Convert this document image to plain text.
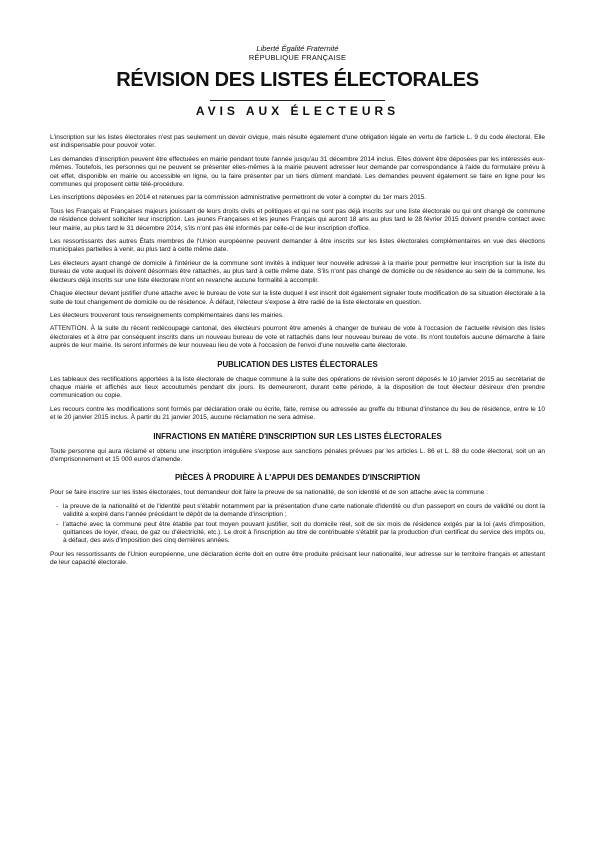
Liberté Égalité Fraternité
RÉPUBLIQUE FRANÇAISE
RÉVISION DES LISTES ÉLECTORALES
AVIS AUX ÉLECTEURS

L'inscription sur les listes électorales n'est pas seulement un devoir civique, mais résulte également d'une obligation légale en vertu de l'article L. 9 du code électoral. Elle est indispensable pour pouvoir voter.

Les demandes d'inscription peuvent être effectuées en mairie pendant toute l'année jusqu'au 31 décembre 2014 inclus. Elles doivent être déposées par les intéressés eux-mêmes. Toutefois, les personnes qui ne peuvent se présenter elles-mêmes à la mairie peuvent adresser leur demande par correspondance à l'aide du formulaire prévu à cet effet, disponible en mairie ou accessible en ligne, ou la faire présenter par un tiers dûment mandaté. Les demandes peuvent également se faire en ligne pour les communes qui proposent cette télé-procédure.

Les inscriptions déposées en 2014 et retenues par la commission administrative permettront de voter à compter du 1er mars 2015.

Tous les Français et Françaises majeurs jouissant de leurs droits civils et politiques et qui ne sont pas déjà inscrits sur une liste électorale ou qui ont changé de commune de résidence doivent solliciter leur inscription. Les jeunes Françaises et les jeunes Français qui auront 18 ans au plus tard le 28 février 2015 doivent prendre contact avec leur mairie, au plus tard le 31 décembre 2014, s'ils n'ont pas été informés par celle-ci de leur inscription d'office.

Les ressortissants des autres États membres de l'Union européenne peuvent demander à être inscrits sur les listes électorales complémentaires en vue des élections municipales partielles à venir, au plus tard à cette même date.

Les électeurs ayant changé de domicile à l'intérieur de la commune sont invités à indiquer leur nouvelle adresse à la mairie pour permettre leur inscription sur la liste du bureau de vote auquel ils doivent désormais être rattachés, au plus tard à cette même date. S'ils n'ont pas changé de domicile ou de résidence au sein de la commune, les électeurs déjà inscrits sur une liste électorale n'ont en revanche aucune formalité à accomplir.

Chaque électeur devant justifier d'une attache avec le bureau de vote sur la liste duquel il est inscrit doit également signaler toute modification de sa situation électorale à la suite de tout changement de domicile ou de résidence. À défaut, l'électeur s'expose à être radié de la liste électorale en question.

Les électeurs trouveront tous renseignements complémentaires dans les mairies.

ATTENTION. À la suite du récent redécoupage cantonal, des électeurs pourront être amenés à changer de bureau de vote à l'occasion de l'actuelle révision des listes électorales et à être par conséquent inscrits dans un nouveau bureau de vote et rattachés dans leur nouveau bureau de vote. Ils n'ont toutefois aucune démarche à faire auprès de leur mairie. Ils seront informés de leur nouveau lieu de vote à l'occasion de l'envoi d'une nouvelle carte électorale.

PUBLICATION DES LISTES ÉLECTORALES

Les tableaux des rectifications apportées à la liste électorale de chaque commune à la suite des opérations de révision seront déposés le 10 janvier 2015 au secrétariat de chaque mairie et affichés aux lieux accoutumés pendant dix jours. Ils demeureront, durant cette période, à la disposition de tout électeur désireux d'en prendre communication ou copie.

Les recours contre les modifications sont formés par déclaration orale ou écrite, faite, remise ou adressée au greffe du tribunal d'instance du lieu de résidence, entre le 10 et le 20 janvier 2015 inclus. À partir du 21 janvier 2015, aucune réclamation ne sera admise.

INFRACTIONS EN MATIÈRE D'INSCRIPTION SUR LES LISTES ÉLECTORALES

Toute personne qui aura réclamé et obtenu une inscription irrégulière s'expose aux sanctions pénales prévues par les articles L. 86 et L. 88 du code électoral, soit un an d'emprisonnement et 15 000 euros d'amende.

PIÈCES À PRODUIRE À L'APPUI DES DEMANDES D'INSCRIPTION

Pour se faire inscrire sur les listes électorales, tout demandeur doit faire la preuve de sa nationalité, de son identité et de son attache avec la commune :

- la preuve de la nationalité et de l'identité peut s'établir notamment par la présentation d'une carte nationale d'identité ou d'un passeport en cours de validité ou dont la validité a expiré dans l'année précédant le dépôt de la demande d'inscription ;
- l'attache avec la commune peut être établie par tout moyen pouvant justifier, soit du domicile réel, soit de six mois de résidence exigés par la loi (avis d'imposition, quittances de loyer, d'eau, de gaz ou d'électricité, etc.). Le droit à l'inscription au titre de contribuable s'établit par la production d'un certificat du service des impôts ou, à défaut, des avis d'imposition des cinq dernières années.

Pour les ressortissants de l'Union européenne, une déclaration écrite doit en outre être produite précisant leur nationalité, leur adresse sur le territoire français et attestant de leur capacité électorale.
